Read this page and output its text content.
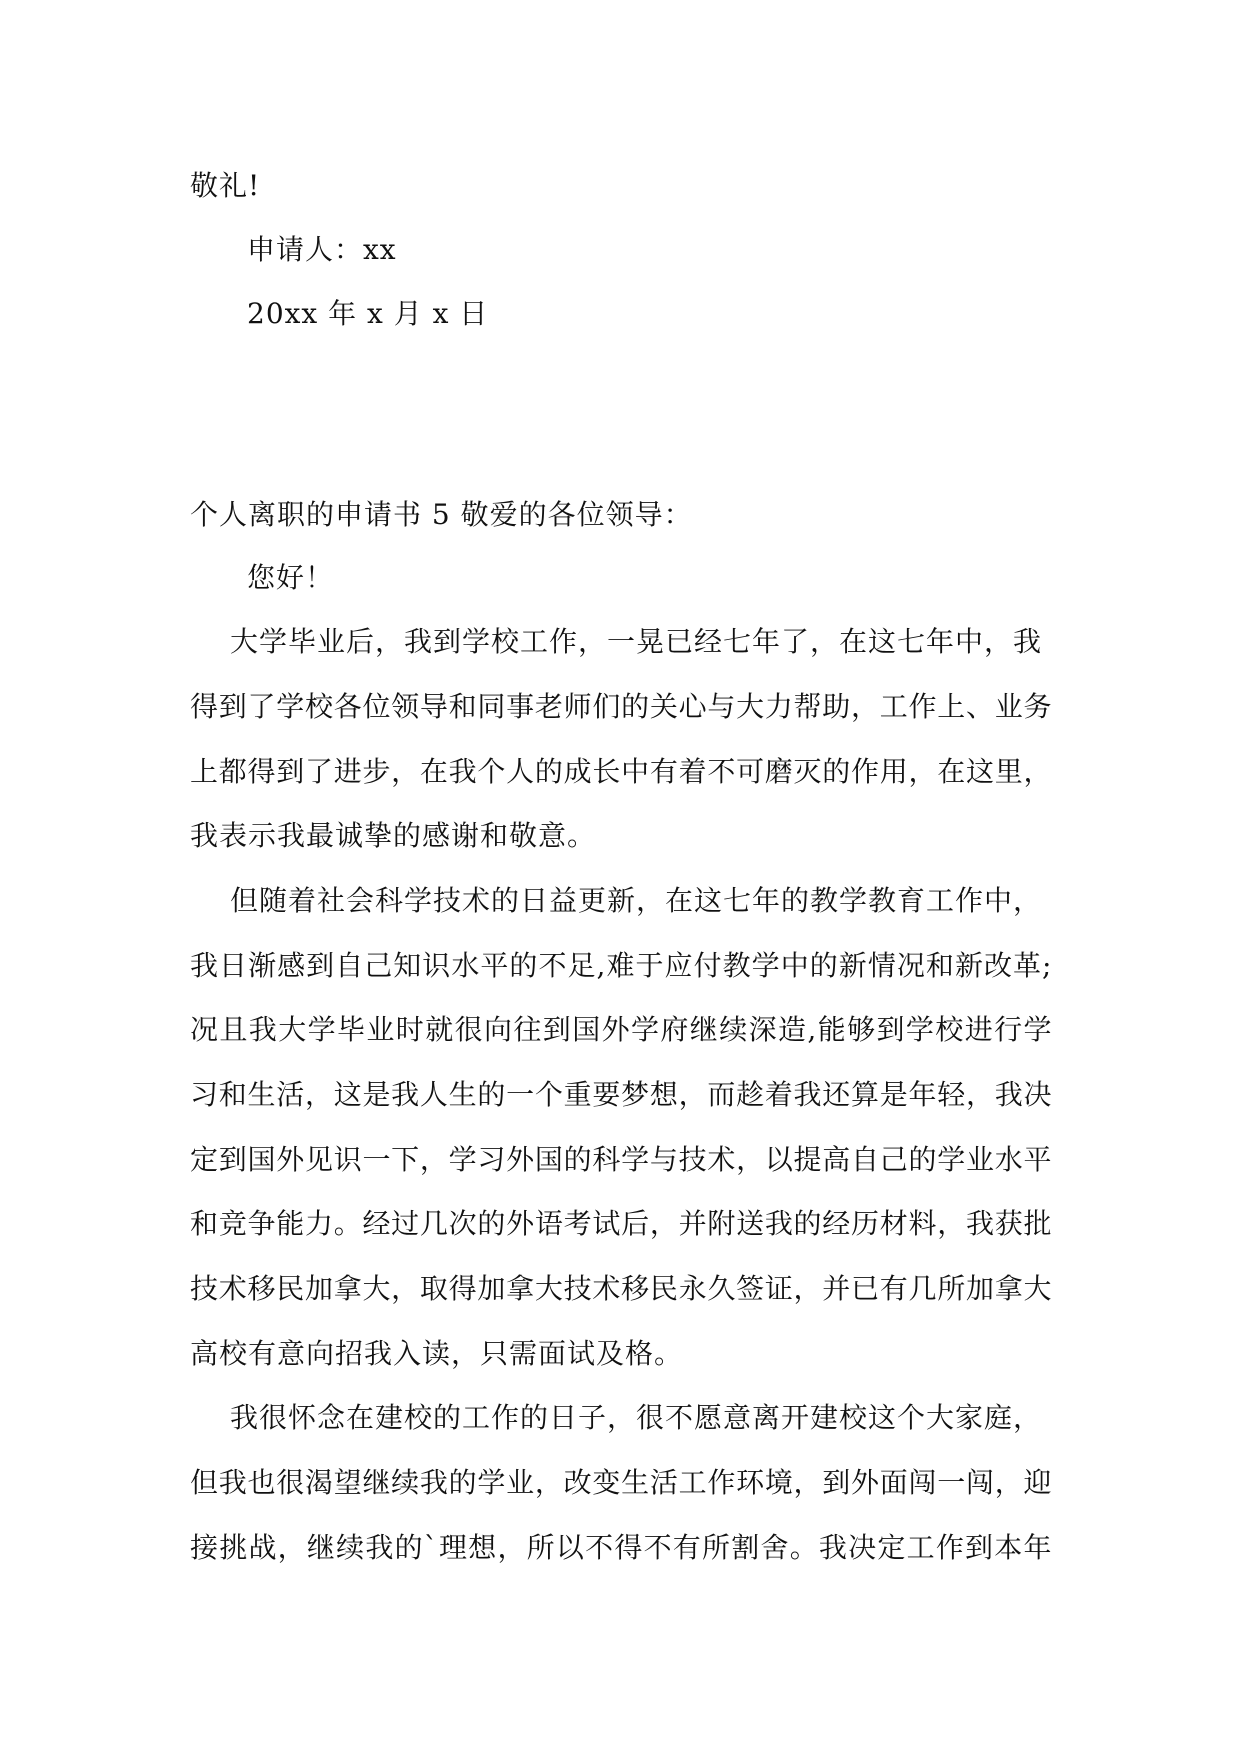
敬礼!
申请人：xx
20xx 年 x 月 x 日
个人离职的申请书 5 敬爱的各位领导：
您好！
大学毕业后，我到学校工作，一晃已经七年了，在这七年中，我
得到了学校各位领导和同事老师们的关心与大力帮助，工作上、业务
上都得到了进步，在我个人的成长中有着不可磨灭的作用，在这里，
我表示我最诚挚的感谢和敬意。
但随着社会科学技术的日益更新，在这七年的教学教育工作中，
我日渐感到自己知识水平的不足,难于应付教学中的新情况和新改革;
况且我大学毕业时就很向往到国外学府继续深造,能够到学校进行学
习和生活，这是我人生的一个重要梦想，而趁着我还算是年轻，我决
定到国外见识一下，学习外国的科学与技术，以提高自己的学业水平
和竞争能力。经过几次的外语考试后，并附送我的经历材料，我获批
技术移民加拿大，取得加拿大技术移民永久签证，并已有几所加拿大
高校有意向招我入读，只需面试及格。
我很怀念在建校的工作的日子，很不愿意离开建校这个大家庭，
但我也很渴望继续我的学业，改变生活工作环境，到外面闯一闯，迎
接挑战，继续我的`理想，所以不得不有所割舍。我决定工作到本年
